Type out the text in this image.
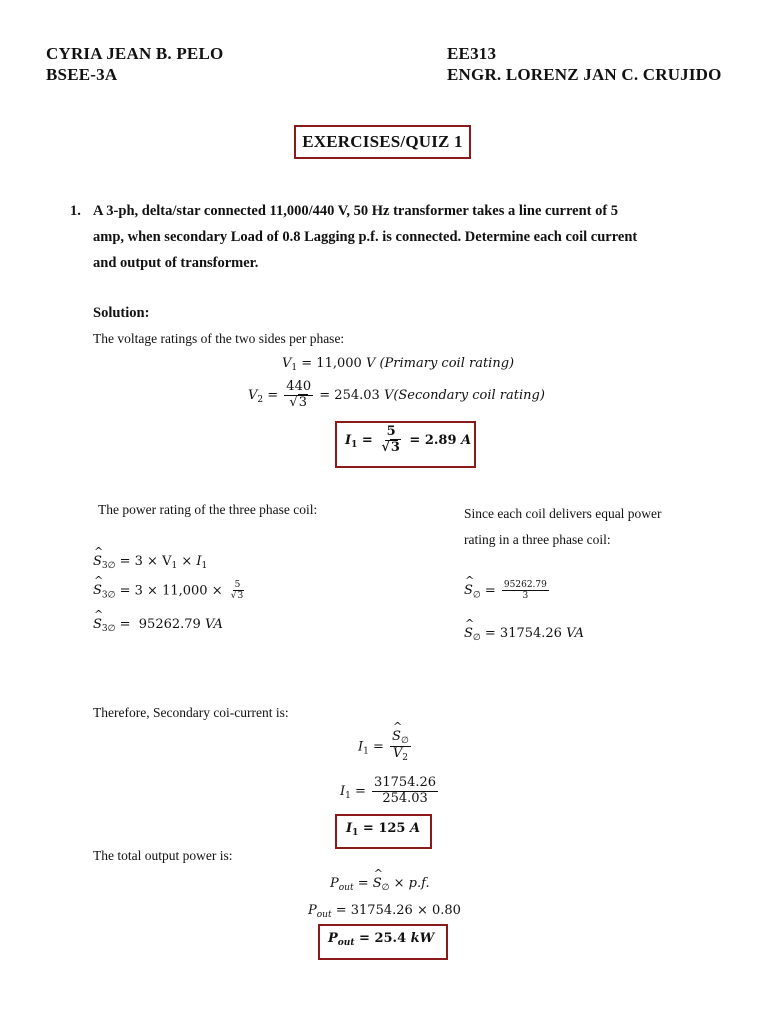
CYRIA JEAN B. PELO
BSEE-3A
EE313
ENGR. LORENZ JAN C. CRUJIDO
EXERCISES/QUIZ 1
1. A 3-ph, delta/star connected 11,000/440 V, 50 Hz transformer takes a line current of 5
amp, when secondary Load of 0.8 Lagging p.f. is connected. Determine each coil current
and output of transformer.
Solution:
The voltage ratings of the two sides per phase:
$V_1 = 11,000$ V (Primary coil rating)
$V_2 = \frac{440}{√3} = 254.03$ V(Secondary coil rating)
$I_1 = \frac{5}{√3} = 2.89$ A
The power rating of the three phase coil:
^ $S_{3\emptyset} = 3 \times V_1 \times I_1$
^ $S_{3\emptyset} = 3 \times 11,000 \times \frac{5}{√3}$
^ $S_{3\emptyset} = 95262.79$ VA
Since each coil delivers equal power
rating in a three phase coil:
^ $S_\emptyset = \frac{95262.79}{3}$
^ $S_\emptyset = 31754.26$ VA
Therefore, Secondary coi-current is:
$I_1$ =
^ $\frac{S_\emptyset}{V_2}$
$I_1 = \frac{31754.26}{254.03}$
$I_1 = 125$ A
The total output power is:
$P_{out}$ = ^ $S_\emptyset \times p.f$.
$P_{out} = 31754.26 \times 0.80$
$P_{out} = 25.4$ kW
